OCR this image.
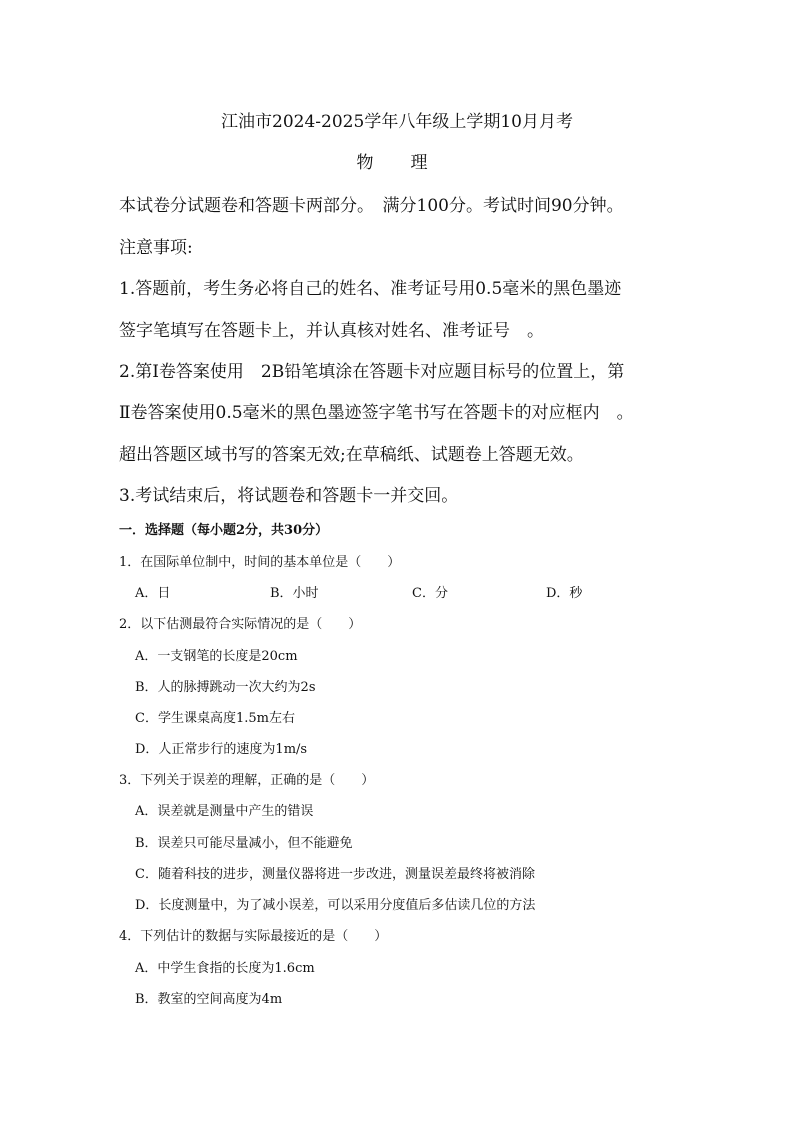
江油市2024-2025学年八年级上学期10月月考
物　理
本试卷分试题卷和答题卡两部分。　满分100分。考试时间90分钟。
注意事项:
1.答题前，考生务必将自己的姓名、准考证号用0.5毫米的黑色墨迹
签字笔填写在答题卡上，并认真核对姓名、准考证号　。
2.第Ⅰ卷答案使用　2B铅笔填涂在答题卡对应题目标号的位置上，第
Ⅱ卷答案使用0.5毫米的黑色墨迹签字笔书写在答题卡的对应框内　。
超出答题区域书写的答案无效;在草稿纸、试题卷上答题无效。
3.考试结束后，将试题卷和答题卡一并交回。
一．选择题（每小题2分，共30分）
1．在国际单位制中，时间的基本单位是（　　）
A．日	B．小时	C．分	D．秒
2．以下估测最符合实际情况的是（　　）
A．一支钢笔的长度是20cm
B．人的脉搏跳动一次大约为2s
C．学生课桌高度1.5m左右
D．人正常步行的速度为1m/s
3．下列关于误差的理解，正确的是（　　）
A．误差就是测量中产生的错误
B．误差只可能尽量减小，但不能避免
C．随着科技的进步，测量仪器将进一步改进，测量误差最终将被消除
D．长度测量中，为了减小误差，可以采用分度值后多估读几位的方法
4．下列估计的数据与实际最接近的是（　　）
A．中学生食指的长度为1.6cm
B．教室的空间高度为4m
